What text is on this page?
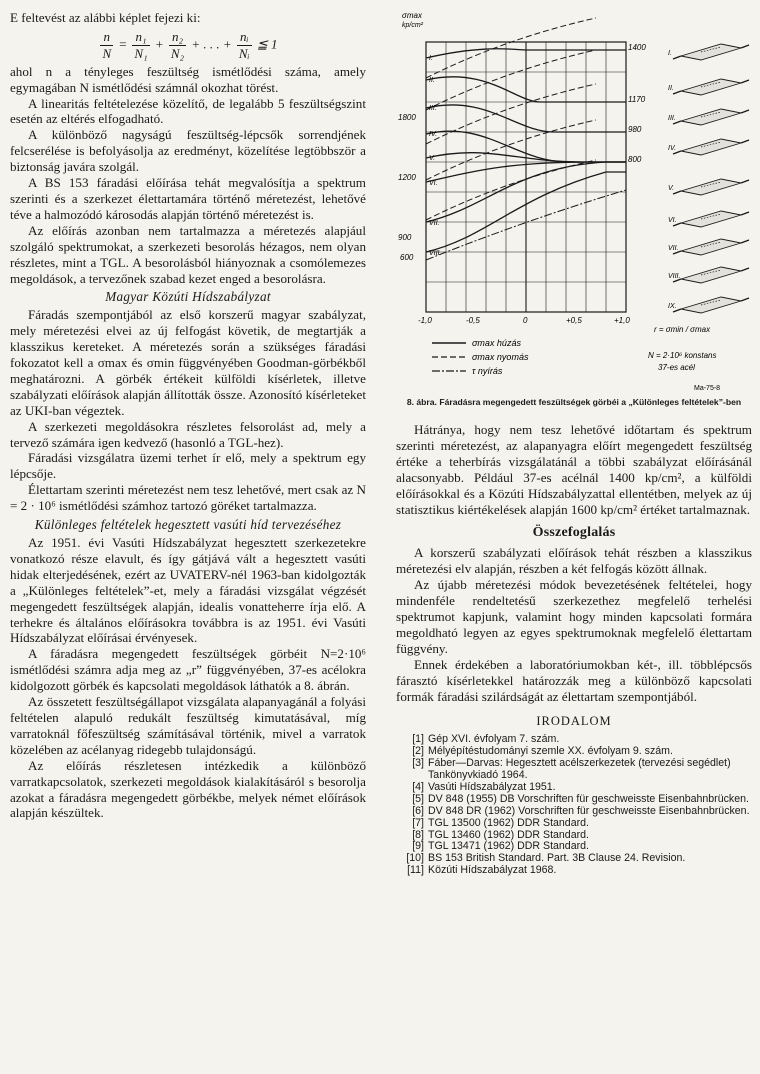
E feltevést az alábbi képlet fejezi ki:

$\frac{n}{N} = \frac{\text{n₁}}{\text{N₁}} + \frac{\text{n₂}}{\text{N₂}}$ + . . . + $\frac{\text{nᵢ}}{\text{Nᵢ}}$ ≦ 1

ahol n a tényleges feszültség ismétlődési száma, amely egymagában N ismétlődési számnál okozhat törést.

A linearitás feltételezése közelítő, de legalább 5 feszültségszint esetén az eltérés elfogadható.

A különböző nagyságú feszültség-lépcsők sorrendjének felcserélése is befolyásolja az eredményt, közelítése legtöbbször a biztonság javára szolgál.

A BS 153 fáradási előírása tehát megvalósítja a spektrum szerinti és a szerkezet élettartamára történő méretezést, lehetővé téve a halmozódó károsodás alapján történő méretezést is.

Az előírás azonban nem tartalmazza a méretezés alapjául szolgáló spektrumokat, a szerkezeti besorolás hézagos, nem olyan részletes, mint a TGL. A besorolásból hiányoznak a csomólemezes megoldások, a tervezőnek szabad kezet enged a besorolásra.

Magyar Közúti Hídszabályzat

Fáradás szempontjából az első korszerű magyar szabályzat, mely méretezési elvei az új felfogást követik, de megtartják a klasszikus kereteket. A méretezés során a szükséges fáradási fokozatot kell a σmax és σmin függvényében Goodman-görbékből meghatározni. A görbék értékeit külföldi kísérletek, illetve szabályzati előírások alapján állították össze. Azonosító kísérleteket az UKI-ban végeztek.

A szerkezeti megoldásokra részletes felsorolást ad, mely a tervező számára igen kedvező (hasonló a TGL-hez).

Fáradási vizsgálatra üzemi terhet ír elő, mely a spektrum egy lépcsője.

Élettartam szerinti méretezést nem tesz lehetővé, mert csak az N = 2 · 10⁶ ismétlődési számhoz tartozó göréket tartalmazza.

Különleges feltételek hegesztett vasúti híd tervezéséhez

Az 1951. évi Vasúti Hídszabályzat hegesztett szerkezetekre vonatkozó része elavult, és így gátjává vált a hegesztett vasúti hidak elterjedésének, ezért az UVATERV-nél 1963-ban kidolgozták a „Különleges feltételek”-et, mely a fáradási vizsgálat végzését megengedett feszültségek alapján, idealis vonatteherre írja elő. A terhekre és általános előírásokra továbbra is az 1951. évi Vasúti Hídszabályzat előírásai érvényesek.

A fáradásra megengedett feszültségek görbéit N=2·10⁶ ismétlődési számra adja meg az „r” függvényében, 37-es acélokra kidolgozott görbék és kapcsolati megoldások láthatók a 8. ábrán.

Az összetett feszültségállapot vizsgálata alapanyagánál a folyási feltételen alapuló redukált feszültség kimutatásával, míg varratoknál főfeszültség számításával történik, mivel a varratok közelében az acélanyag ridegebb tulajdonságú.

Az előírás részletesen intézkedik a különböző varratkapcsolatok, szerkezeti megoldások kialakításáról s besorolja azokat a fáradásra megengedett görbékbe, melyek német előírások alapján készültek.

σmax
kp/cm²
1800
1200
900
600
-1,0	-0,5	0	+0,5	+1,0
1400
1170
980
800
I.
II.
III.
IV.
V.
VI.
VII.
VIII.
I.
II.
III.
IV.
V.
VI.
VII.
VIII.
IX.
σmax húzás
σmax nyomás
τ nyírás
r = σmin / σmax
N = 2·10⁶ konstans
37-es acél
Ma-75-8
8. ábra. Fáradásra megengedett feszültségek görbéi a „Különleges feltételek”-ben

Hátránya, hogy nem tesz lehetővé időtartam és spektrum szerinti méretezést, az alapanyagra előírt megengedett feszültség értéke a teherbírás vizsgálatánál a többi szabályzat előírásánál alacsonyabb. Például 37-es acélnál 1400 kp/cm², a külföldi előírásokkal és a Közúti Hídszabályzattal ellentétben, melyek az új statisztikus kiértékelések alapján 1600 kp/cm² értéket tartalmaznak.

Összefoglalás

A korszerű szabályzati előírások tehát részben a klasszikus méretezési elv alapján, részben a két felfogás között állnak.

Az újabb méretezési módok bevezetésének feltételei, hogy mindenféle rendeltetésű szerkezethez megfelelő terhelési spektrumot kapjunk, valamint hogy minden kapcsolati formára megoldható legyen az egyes spektrumoknak megfelelő élettartam függvény.

Ennek érdekében a laboratóriumokban két-, ill. többlépcsős fárasztó kísérletekkel határozzák meg a különböző kapcsolati formák fáradási szilárdságát az élettartam szempontjából.

IRODALOM
[1] Gép XVI. évfolyam 7. szám.
[2] Mélyépítéstudományi szemle XX. évfolyam 9. szám.
[3] Fáber—Darvas: Hegesztett acélszerkezetek (tervezési segédlet) Tankönyvkiadó 1964.
[4] Vasúti Hídszabályzat 1951.
[5] DV 848 (1955) DB Vorschriften für geschweisste Eisenbahnbrücken.
[6] DV 848 DR (1962) Vorschriften für geschweisste Eisenbahnbrücken.
[7] TGL 13500 (1962) DDR Standard.
[8] TGL 13460 (1962) DDR Standard.
[9] TGL 13471 (1962) DDR Standard.
[10] BS 153 British Standard. Part. 3B Clause 24. Revision.
[11] Közúti Hídszabályzat 1968.
